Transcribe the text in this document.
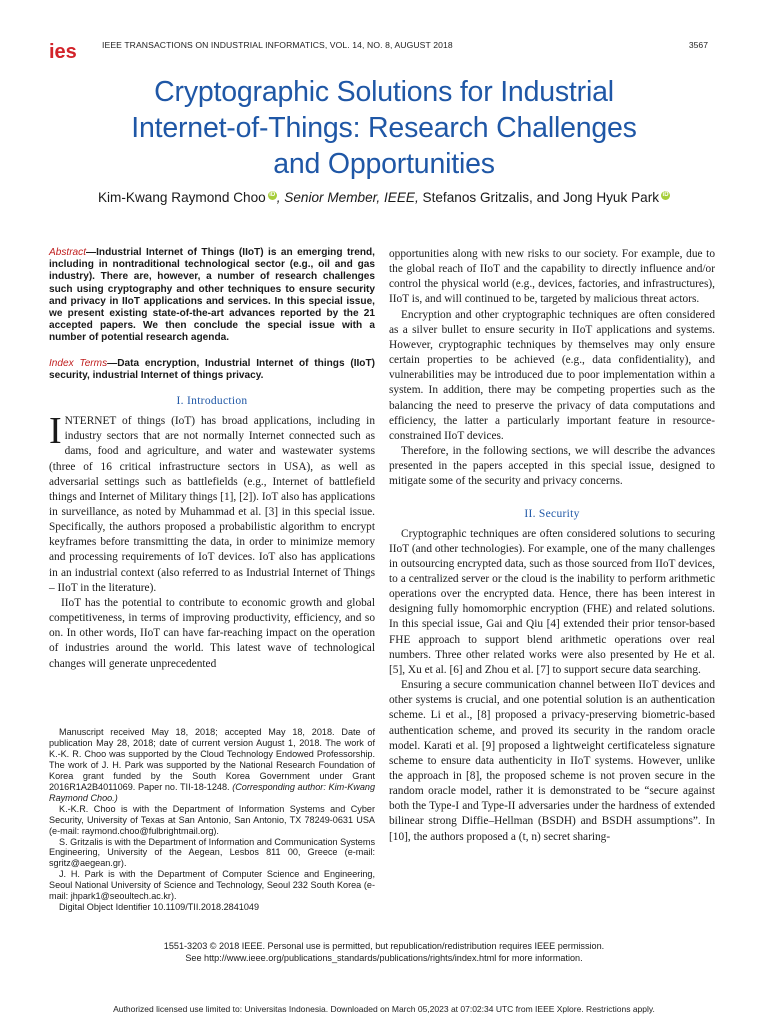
ies	IEEE TRANSACTIONS ON INDUSTRIAL INFORMATICS, VOL. 14, NO. 8, AUGUST 2018	3567
Cryptographic Solutions for Industrial
Internet-of-Things: Research Challenges
and Opportunities
Kim-Kwang Raymond Choo iD , Senior Member, IEEE, Stefanos Gritzalis, and Jong Hyuk Park iD

Abstract—Industrial Internet of Things (IIoT) is an emerging trend, including in nontraditional technological sector (e.g., oil and gas industry). There are, however, a number of research challenges such using cryptography and other techniques to ensure security and privacy in IIoT applications and services. In this special issue, we present existing state-of-the-art advances reported by the 21 accepted papers. We then conclude the special issue with a number of potential research agenda.

Index Terms—Data encryption, Industrial Internet of things (IIoT) security, industrial Internet of things privacy.

I. Introduction

INTERNET of things (IoT) has broad applications, including in industry sectors that are not normally Internet connected such as dams, food and agriculture, and water and wastewater systems (three of 16 critical infrastructure sectors in USA), as well as adversarial settings such as battlefields (e.g., Internet of battlefield things and Internet of Military things [1], [2]). IoT also has applications in surveillance, as noted by Muhammad et al. [3] in this special issue. Specifically, the authors proposed a probabilistic algorithm to encrypt keyframes before transmitting the data, in order to minimize memory and processing requirements of IoT devices. IoT also has applications in an industrial context (also referred to as Industrial Internet of Things – IIoT in the literature).

IIoT has the potential to contribute to economic growth and global competitiveness, in terms of improving productivity, efficiency, and so on. In other words, IIoT can have far-reaching impact on the operation of industries around the world. This latest wave of technological changes will generate unprecedented

Manuscript received May 18, 2018; accepted May 18, 2018. Date of publication May 28, 2018; date of current version August 1, 2018. The work of K.-K. R. Choo was supported by the Cloud Technology Endowed Professorship. The work of J. H. Park was supported by the National Research Foundation of Korea grant funded by the South Korea Government under Grant 2016R1A2B4011069. Paper no. TII-18-1248. (Corresponding author: Kim-Kwang Raymond Choo.)

K.-K.R. Choo is with the Department of Information Systems and Cyber Security, University of Texas at San Antonio, San Antonio, TX 78249-0631 USA (e-mail: raymond.choo@fulbrightmail.org).

S. Gritzalis is with the Department of Information and Communication Systems Engineering, University of the Aegean, Lesbos 811 00, Greece (e-mail: sgritz@aegean.gr).

J. H. Park is with the Department of Computer Science and Engineering, Seoul National University of Science and Technology, Seoul 232 South Korea (e-mail: jhpark1@seoultech.ac.kr).

Digital Object Identifier 10.1109/TII.2018.2841049

opportunities along with new risks to our society. For example, due to the global reach of IIoT and the capability to directly influence and/or control the physical world (e.g., devices, factories, and infrastructures), IIoT is, and will continued to be, targeted by malicious threat actors.

Encryption and other cryptographic techniques are often considered as a silver bullet to ensure security in IIoT applications and systems. However, cryptographic techniques by themselves may only ensure certain properties to be achieved (e.g., data confidentiality), and vulnerabilities may be introduced due to poor implementation within a system. In addition, there may be competing properties such as the balancing the need to preserve the privacy of data computations and efficiency, the latter a particularly important feature in resource-constrained IIoT devices.

Therefore, in the following sections, we will describe the advances presented in the papers accepted in this special issue, designed to mitigate some of the security and privacy concerns.

II. Security

Cryptographic techniques are often considered solutions to securing IIoT (and other technologies). For example, one of the many challenges in outsourcing encrypted data, such as those sourced from IIoT devices, to a centralized server or the cloud is the inability to perform arithmetic operations over the encrypted data. Hence, there has been interest in designing fully homomorphic encryption (FHE) and related solutions. In this special issue, Gai and Qiu [4] extended their prior tensor-based FHE approach to support blend arithmetic operations over real numbers. Three other related works were also presented by He et al. [5], Xu et al. [6] and Zhou et al. [7] to support secure data searching.

Ensuring a secure communication channel between IIoT devices and other systems is crucial, and one potential solution is an authentication scheme. Li et al., [8] proposed a privacy-preserving biometric-based authentication scheme, and proved its security in the random oracle model. Karati et al. [9] proposed a lightweight certificateless signature scheme to ensure data authenticity in IIoT systems. However, unlike the approach in [8], the proposed scheme is not proven secure in the random oracle model, rather it is demonstrated to be “secure against both the Type-I and Type-II adversaries under the hardness of extended bilinear strong Diffie–Hellman (BSDH) and BSDH assumptions”. In [10], the authors proposed a (t, n) secret sharing-

1551-3203 © 2018 IEEE. Personal use is permitted, but republication/redistribution requires IEEE permission.
See http://www.ieee.org/publications_standards/publications/rights/index.html for more information.
Authorized licensed use limited to: Universitas Indonesia. Downloaded on March 05,2023 at 07:02:34 UTC from IEEE Xplore. Restrictions apply.
